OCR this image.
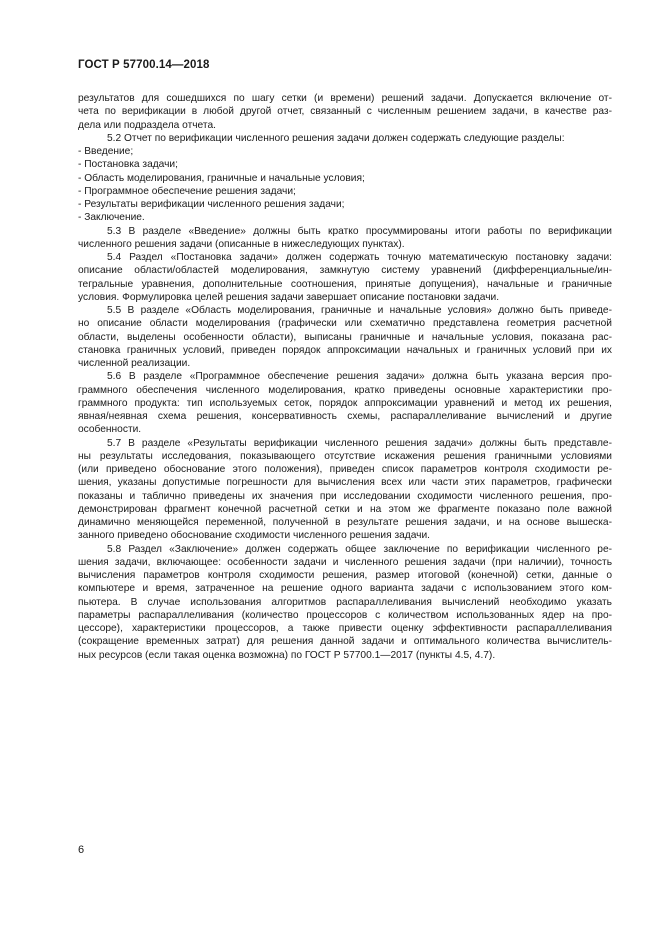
ГОСТ Р 57700.14—2018
результатов для сошедшихся по шагу сетки (и времени) решений задачи. Допускается включение от-
чета по верификации в любой другой отчет, связанный с численным решением задачи, в качестве раз-
дела или подраздела отчета.
5.2 Отчет по верификации численного решения задачи должен содержать следующие разделы:
- Введение;
- Постановка задачи;
- Область моделирования, граничные и начальные условия;
- Программное обеспечение решения задачи;
- Результаты верификации численного решения задачи;
- Заключение.
5.3 В разделе «Введение» должны быть кратко просуммированы итоги работы по верификации
численного решения задачи (описанные в нижеследующих пунктах).
5.4 Раздел «Постановка задачи» должен содержать точную математическую постановку задачи:
описание области/областей моделирования, замкнутую систему уравнений (дифференциальные/ин-
тегральные уравнения, дополнительные соотношения, принятые допущения), начальные и граничные
условия. Формулировка целей решения задачи завершает описание постановки задачи.
5.5 В разделе «Область моделирования, граничные и начальные условия» должно быть приведе-
но описание области моделирования (графически или схематично представлена геометрия расчетной
области, выделены особенности области), выписаны граничные и начальные условия, показана рас-
становка граничных условий, приведен порядок аппроксимации начальных и граничных условий при их
численной реализации.
5.6 В разделе «Программное обеспечение решения задачи» должна быть указана версия про-
граммного обеспечения численного моделирования, кратко приведены основные характеристики про-
граммного продукта: тип используемых сеток, порядок аппроксимации уравнений и метод их решения,
явная/неявная схема решения, консервативность схемы, распараллеливание вычислений и другие
особенности.
5.7 В разделе «Результаты верификации численного решения задачи» должны быть представле-
ны результаты исследования, показывающего отсутствие искажения решения граничными условиями
(или приведено обоснование этого положения), приведен список параметров контроля сходимости ре-
шения, указаны допустимые погрешности для вычисления всех или части этих параметров, графически
показаны и таблично приведены их значения при исследовании сходимости численного решения, про-
демонстрирован фрагмент конечной расчетной сетки и на этом же фрагменте показано поле важной
динамично меняющейся переменной, полученной в результате решения задачи, и на основе вышеска-
занного приведено обоснование сходимости численного решения задачи.
5.8 Раздел «Заключение» должен содержать общее заключение по верификации численного ре-
шения задачи, включающее: особенности задачи и численного решения задачи (при наличии), точность
вычисления параметров контроля сходимости решения, размер итоговой (конечной) сетки, данные о
компьютере и время, затраченное на решение одного варианта задачи с использованием этого ком-
пьютера. В случае использования алгоритмов распараллеливания вычислений необходимо указать
параметры распараллеливания (количество процессоров с количеством использованных ядер на про-
цессоре), характеристики процессоров, а также привести оценку эффективности распараллеливания
(сокращение временных затрат) для решения данной задачи и оптимального количества вычислитель-
ных ресурсов (если такая оценка возможна) по ГОСТ Р 57700.1—2017 (пункты 4.5, 4.7).
6
